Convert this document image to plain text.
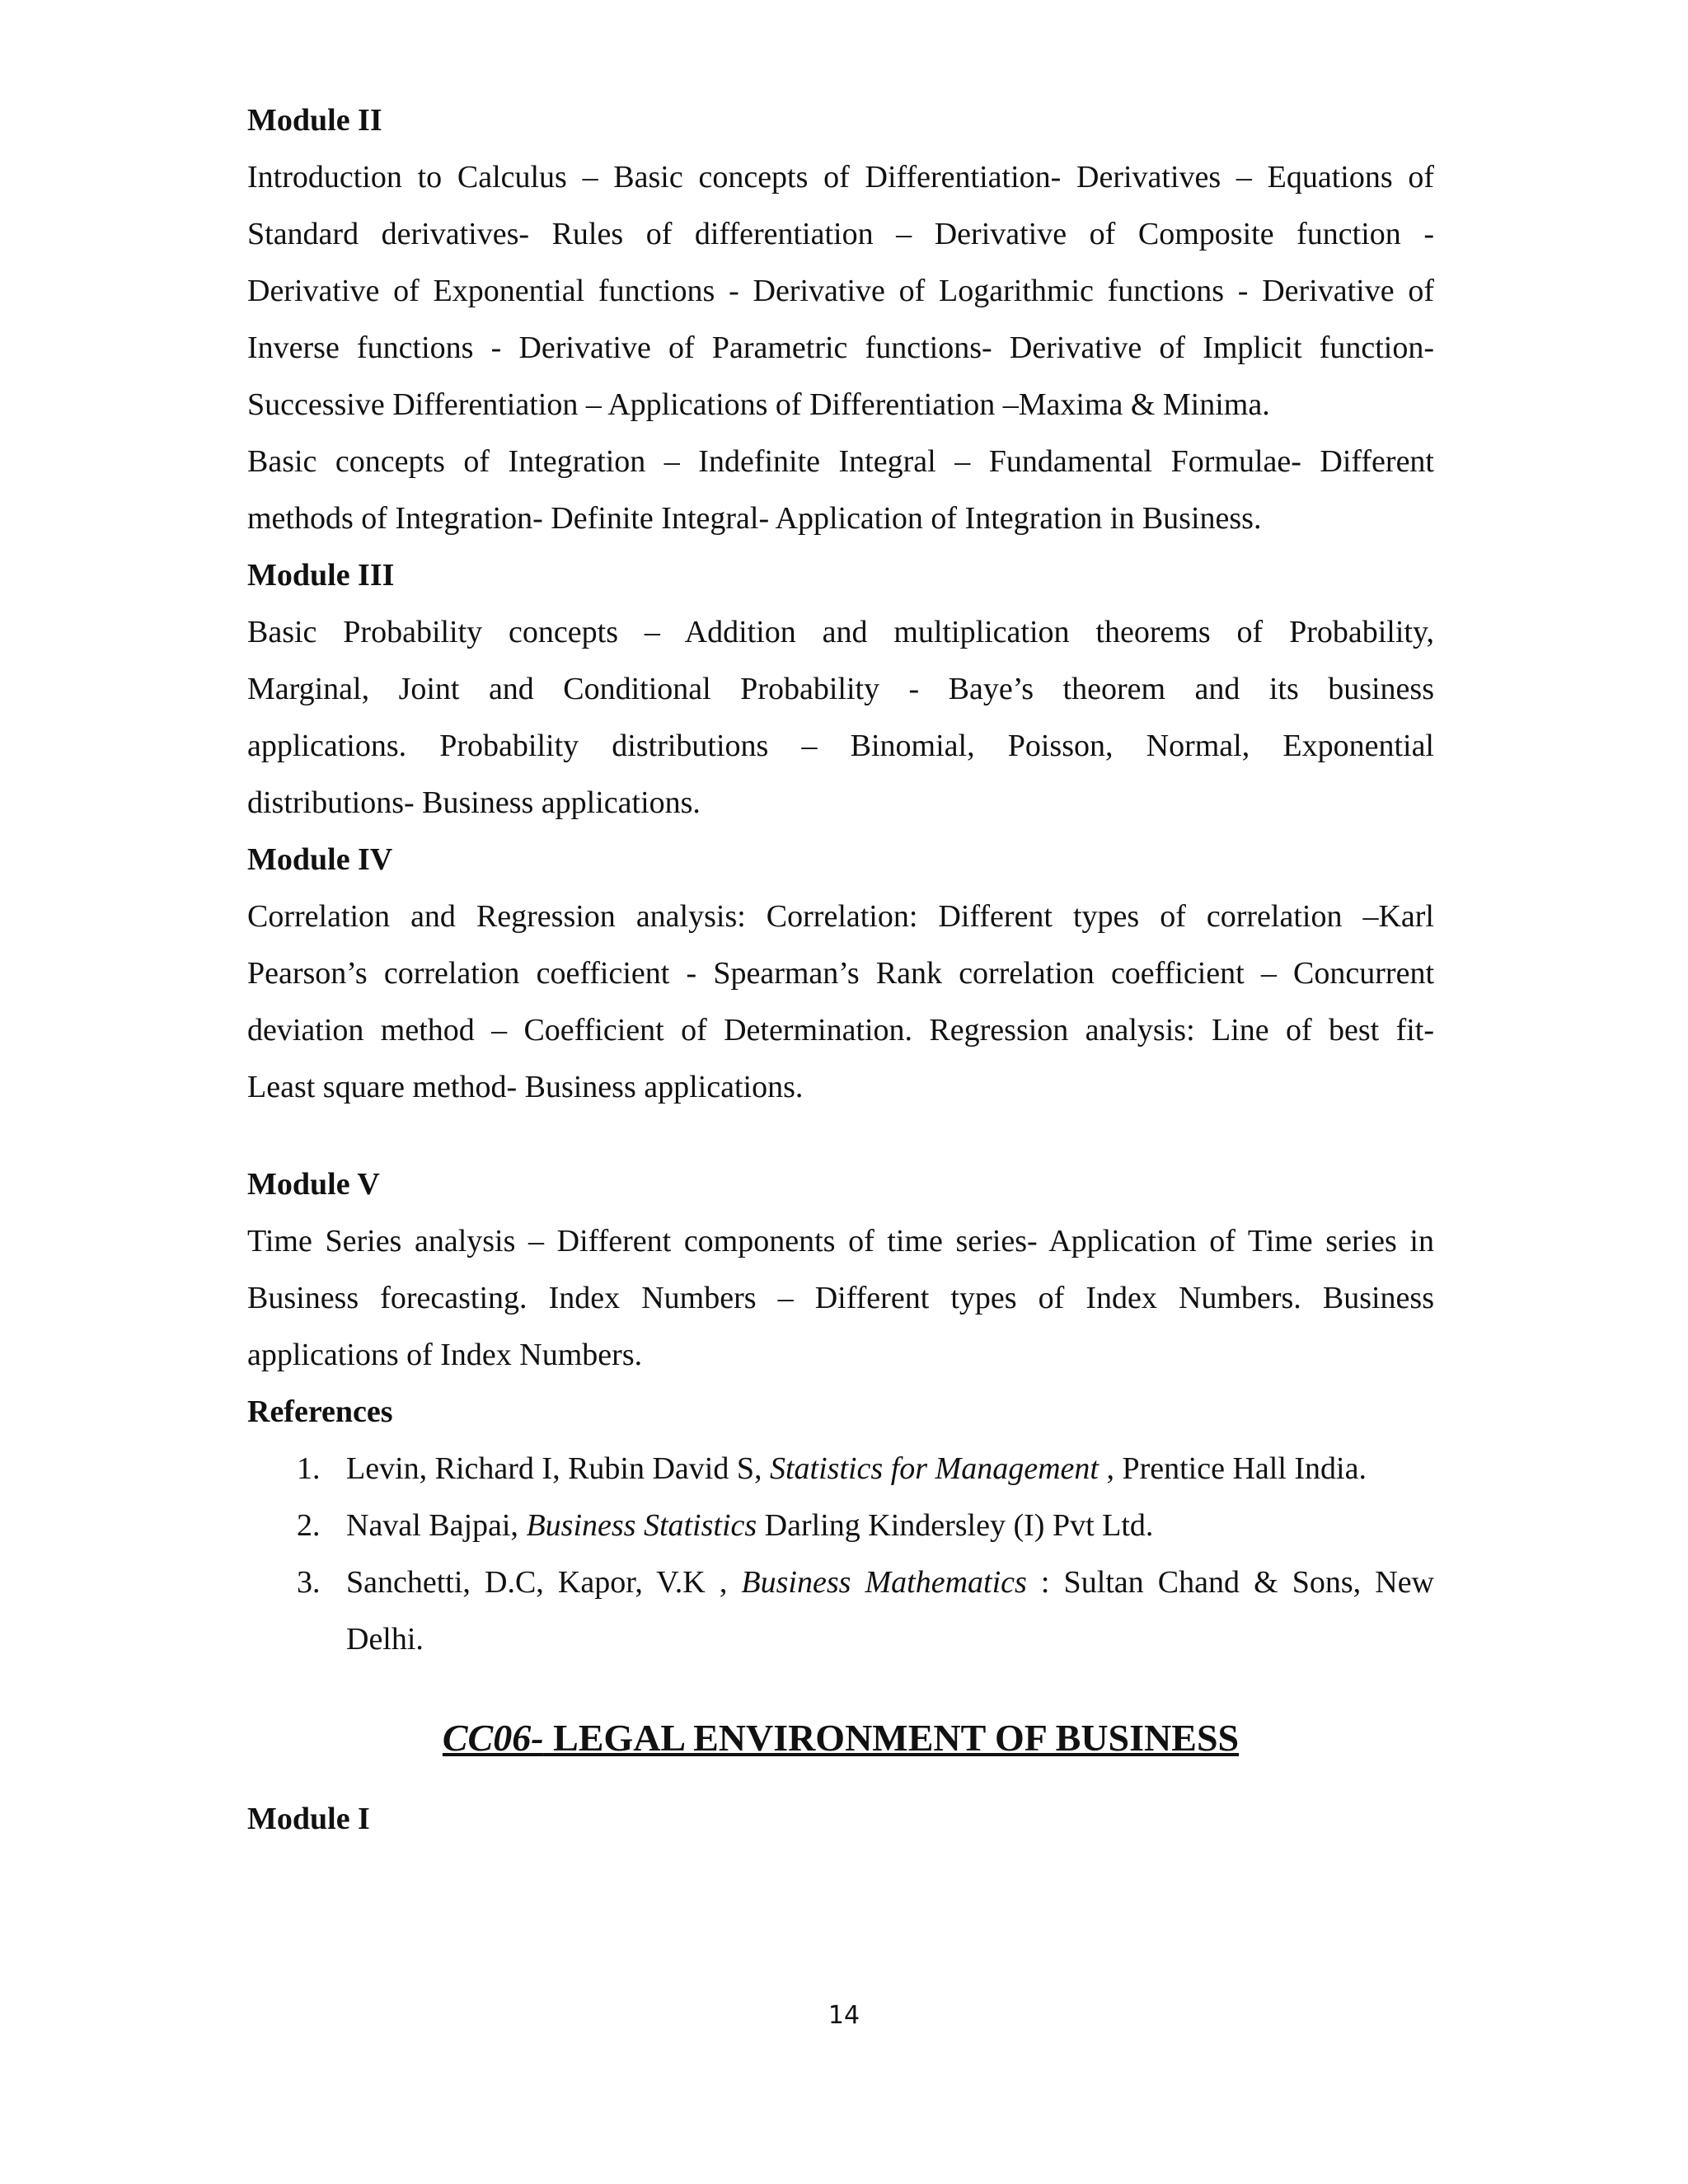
Module II
Introduction to Calculus – Basic concepts of Differentiation- Derivatives – Equations of
Standard derivatives- Rules of differentiation – Derivative of Composite function -
Derivative of Exponential functions - Derivative of Logarithmic functions - Derivative of
Inverse functions - Derivative of Parametric functions- Derivative of Implicit function-
Successive Differentiation – Applications of Differentiation –Maxima & Minima.
Basic concepts of Integration – Indefinite Integral – Fundamental Formulae- Different
methods of Integration- Definite Integral- Application of Integration in Business.
Module III
Basic Probability concepts – Addition and multiplication theorems of Probability,
Marginal, Joint and Conditional Probability - Baye’s theorem and its business
applications. Probability distributions – Binomial, Poisson, Normal, Exponential
distributions- Business applications.
Module IV
Correlation and Regression analysis: Correlation: Different types of correlation –Karl
Pearson’s correlation coefficient - Spearman’s Rank correlation coefficient – Concurrent
deviation method – Coefficient of Determination. Regression analysis: Line of best fit-
Least square method- Business applications.
Module V
Time Series analysis – Different components of time series- Application of Time series in
Business forecasting. Index Numbers – Different types of Index Numbers. Business
applications of Index Numbers.
References
1. Levin, Richard I, Rubin David S, Statistics for Management , Prentice Hall India.
2. Naval Bajpai, Business Statistics Darling Kindersley (I) Pvt Ltd.
3. Sanchetti, D.C, Kapor, V.K , Business Mathematics : Sultan Chand & Sons, New
Delhi.
CC06- LEGAL ENVIRONMENT OF BUSINESS
Module I
14
